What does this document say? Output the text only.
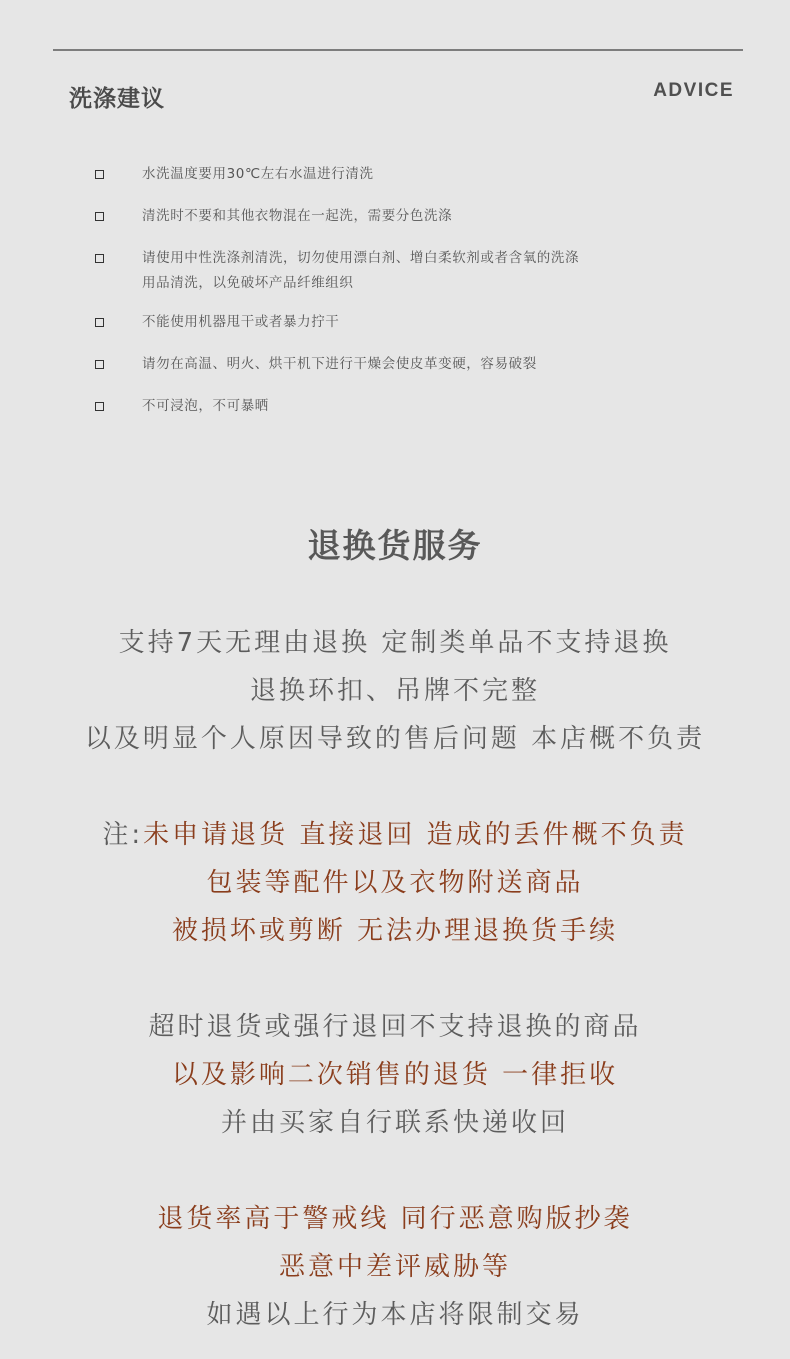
洗涤建议	ADVICE
水洗温度要用30℃左右水温进行清洗
清洗时不要和其他衣物混在一起洗，需要分色洗涤
请使用中性洗涤剂清洗，切勿使用漂白剂、增白柔软剂或者含氧的洗涤
用品清洗，以免破坏产品纤维组织
不能使用机器甩干或者暴力拧干
请勿在高温、明火、烘干机下进行干燥会使皮革变硬，容易破裂
不可浸泡，不可暴晒
退换货服务
支持7天无理由退换 定制类单品不支持退换
退换环扣、吊牌不完整
以及明显个人原因导致的售后问题 本店概不负责
注:未申请退货 直接退回 造成的丢件概不负责
包装等配件以及衣物附送商品
被损坏或剪断 无法办理退换货手续
超时退货或强行退回不支持退换的商品
以及影响二次销售的退货 一律拒收
并由买家自行联系快递收回
退货率高于警戒线 同行恶意购版抄袭
恶意中差评威胁等
如遇以上行为本店将限制交易
